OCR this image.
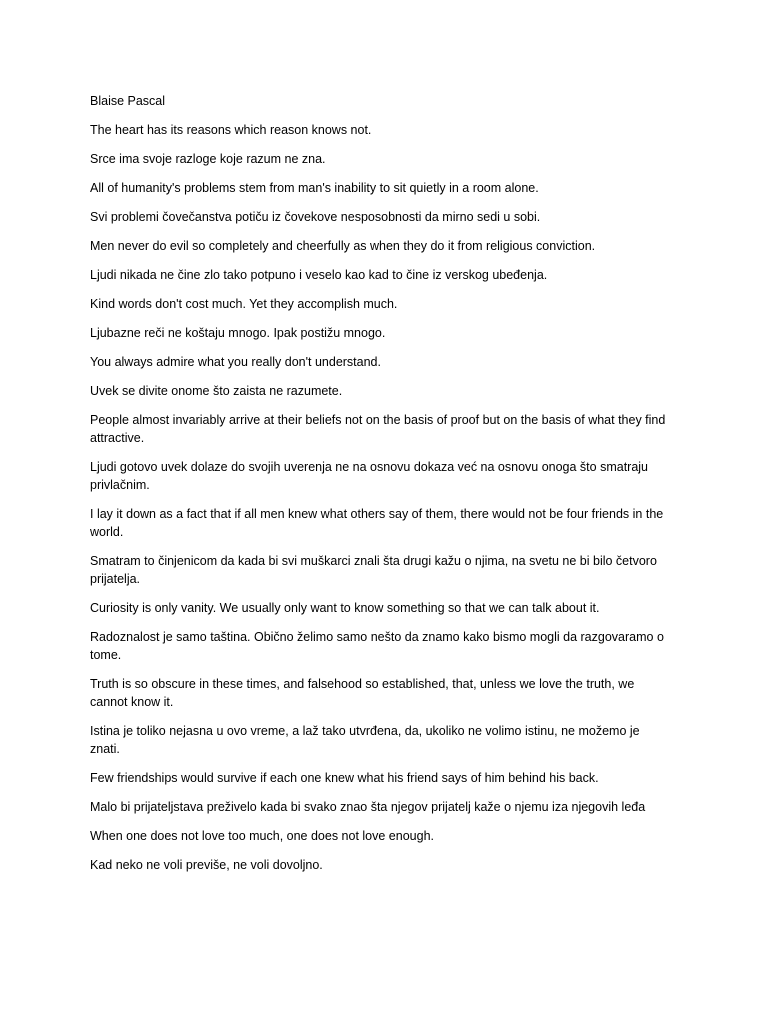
Blaise Pascal

The heart has its reasons which reason knows not.

Srce ima svoje razloge koje razum ne zna.

All of humanity's problems stem from man's inability to sit quietly in a room alone.

Svi problemi čovečanstva potiču iz čovekove nesposobnosti da mirno sedi u sobi.

Men never do evil so completely and cheerfully as when they do it from religious conviction.

Ljudi nikada ne čine zlo tako potpuno i veselo kao kad to čine iz verskog ubeđenja.

Kind words don't cost much. Yet they accomplish much.

Ljubazne reči ne koštaju mnogo. Ipak postižu mnogo.

You always admire what you really don't understand.

Uvek se divite onome što zaista ne razumete.

People almost invariably arrive at their beliefs not on the basis of proof but on the basis of what they find attractive.

Ljudi gotovo uvek dolaze do svojih uverenja ne na osnovu dokaza već na osnovu onoga što smatraju privlačnim.

I lay it down as a fact that if all men knew what others say of them, there would not be four friends in the world.

Smatram to činjenicom da kada bi svi muškarci znali šta drugi kažu o njima, na svetu ne bi bilo četvoro prijatelja.

Curiosity is only vanity. We usually only want to know something so that we can talk about it.

Radoznalost je samo taština. Obično želimo samo nešto da znamo kako bismo mogli da razgovaramo o tome.

Truth is so obscure in these times, and falsehood so established, that, unless we love the truth, we cannot know it.

Istina je toliko nejasna u ovo vreme, a laž tako utvrđena, da, ukoliko ne volimo istinu, ne možemo je znati.

Few friendships would survive if each one knew what his friend says of him behind his back.

Malo bi prijateljstava preživelo kada bi svako znao šta njegov prijatelj kaže o njemu iza njegovih leđa

When one does not love too much, one does not love enough.

Kad neko ne voli previše, ne voli dovoljno.
